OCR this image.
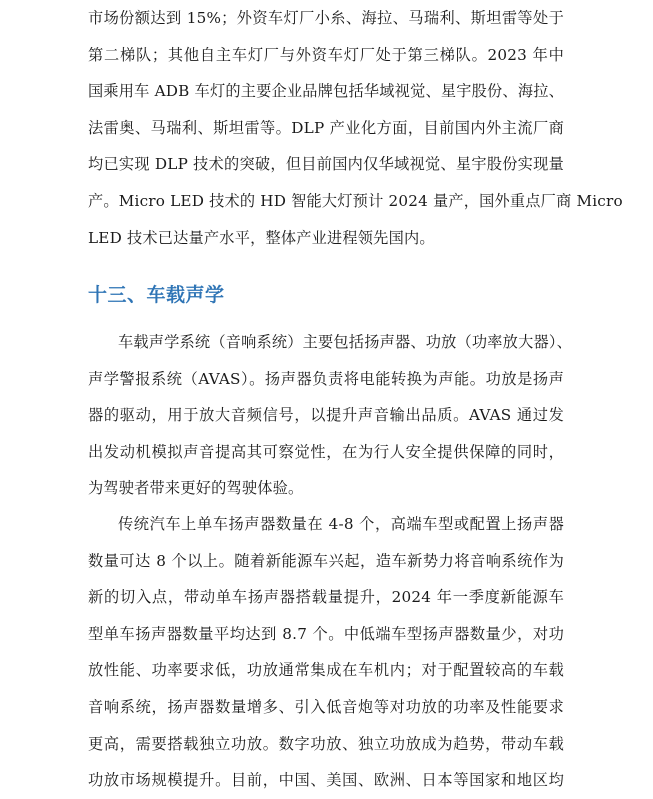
市场份额达到 15%；外资车灯厂小糸、海拉、马瑞利、斯坦雷等处于
第二梯队；其他自主车灯厂与外资车灯厂处于第三梯队。2023 年中
国乘用车 ADB 车灯的主要企业品牌包括华域视觉、星宇股份、海拉、
法雷奥、马瑞利、斯坦雷等。DLP 产业化方面，目前国内外主流厂商
均已实现 DLP 技术的突破，但目前国内仅华域视觉、星宇股份实现量
产。Micro LED 技术的 HD 智能大灯预计 2024 量产，国外重点厂商 Micro
LED 技术已达量产水平，整体产业进程领先国内。
十三、车载声学
车载声学系统（音响系统）主要包括扬声器、功放（功率放大器）、
声学警报系统（AVAS）。扬声器负责将电能转换为声能。功放是扬声
器的驱动，用于放大音频信号，以提升声音输出品质。AVAS 通过发
出发动机模拟声音提高其可察觉性，在为行人安全提供保障的同时，
为驾驶者带来更好的驾驶体验。
传统汽车上单车扬声器数量在 4-8 个，高端车型或配置上扬声器
数量可达 8 个以上。随着新能源车兴起，造车新势力将音响系统作为
新的切入点，带动单车扬声器搭载量提升，2024 年一季度新能源车
型单车扬声器数量平均达到 8.7 个。中低端车型扬声器数量少，对功
放性能、功率要求低，功放通常集成在车机内；对于配置较高的车载
音响系统，扬声器数量增多、引入低音炮等对功放的功率及性能要求
更高，需要搭载独立功放。数字功放、独立功放成为趋势，带动车载
功放市场规模提升。目前，中国、美国、欧洲、日本等国家和地区均
